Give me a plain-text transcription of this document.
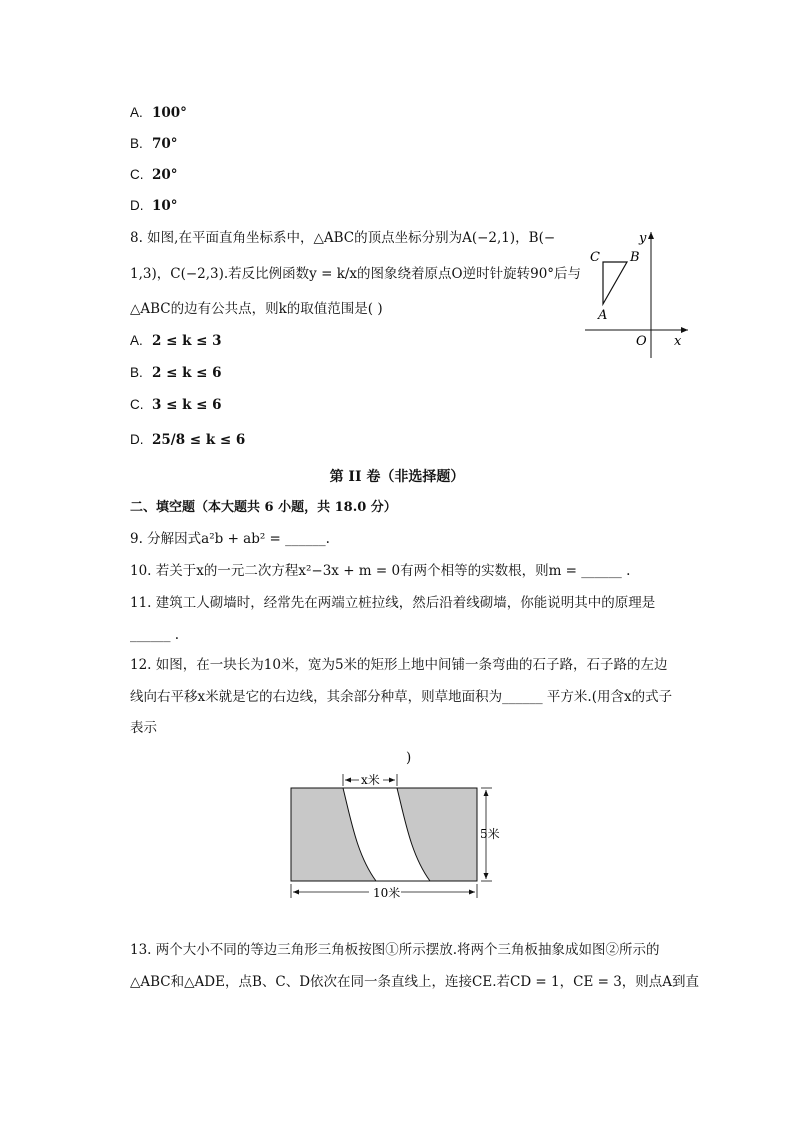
A. 100°
B. 70°
C. 20°
D. 10°
8. 如图,在平面直角坐标系中，△ABC的顶点坐标分别为A(−2,1)，B(−
1,3)，C(−2,3).若反比例函数y = k/x的图象绕着原点O逆时针旋转90°后与
△ABC的边有公共点，则k的取值范围是( )
y
x
O
A
B
C
A. 2 ≤ k ≤ 3
B. 2 ≤ k ≤ 6
C. 3 ≤ k ≤ 6
D. 25/8 ≤ k ≤ 6
第 II 卷（非选择题）
二、填空题（本大题共 6 小题，共 18.0 分）
9. 分解因式a²b + ab² = ______.
10. 若关于x的一元二次方程x²−3x + m = 0有两个相等的实数根，则m = ______ .
11. 建筑工人砌墙时，经常先在两端立桩拉线，然后沿着线砌墙，你能说明其中的原理是
______ .
12. 如图，在一块长为10米，宽为5米的矩形上地中间铺一条弯曲的石子路，石子路的左边
线向右平移x米就是它的右边线，其余部分种草，则草地面积为______ 平方米.(用含x的式子
表示
)
x米
5米
10米
13. 两个大小不同的等边三角形三角板按图①所示摆放.将两个三角板抽象成如图②所示的
△ABC和△ADE，点B、C、D依次在同一条直线上，连接CE.若CD = 1，CE = 3，则点A到直
